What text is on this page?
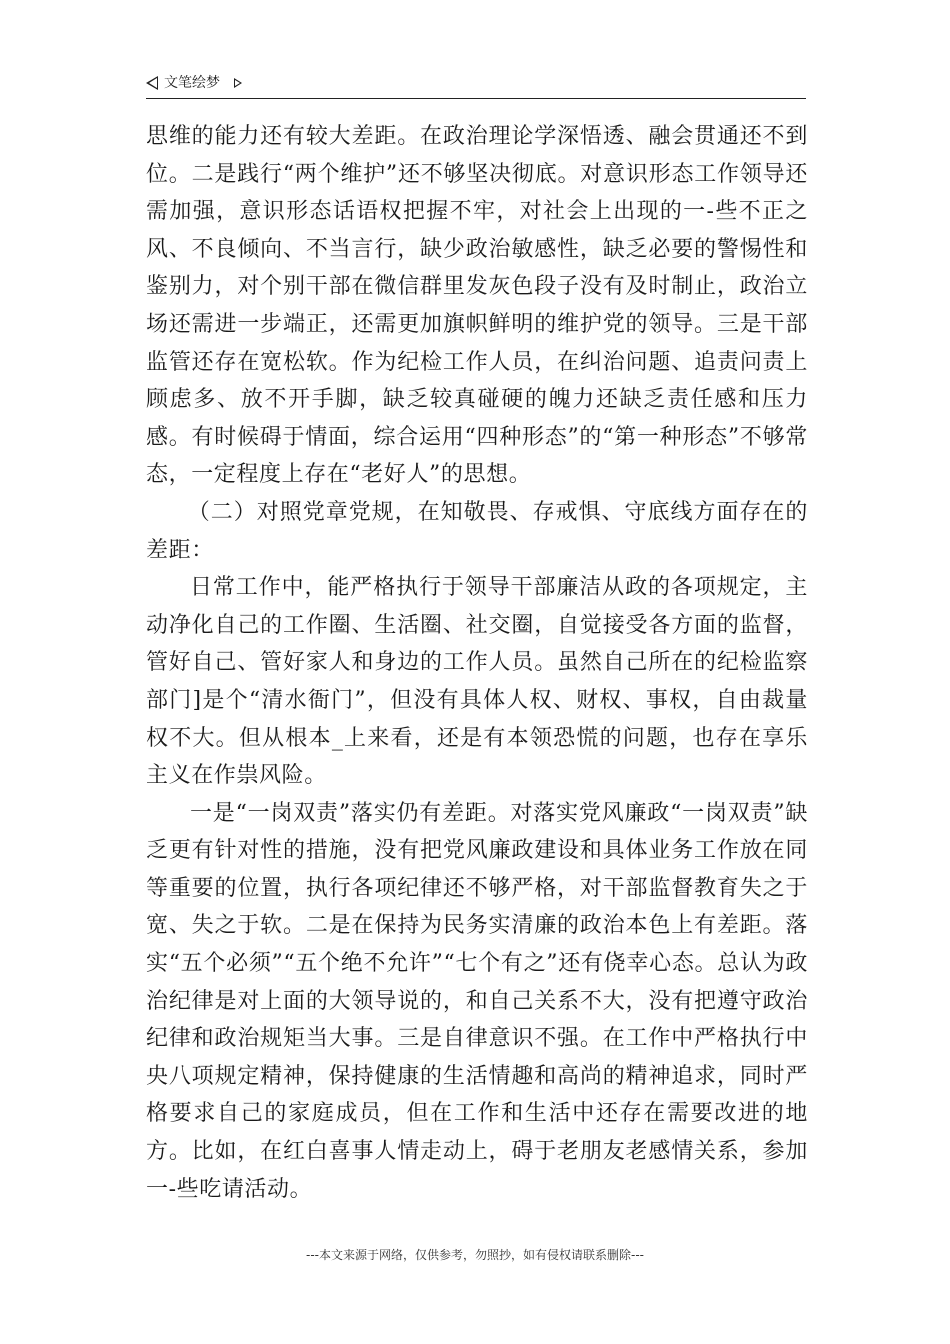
文笔绘梦

思维的能力还有较大差距。在政治理论学深悟透、融会贯通还不到位。二是践行“两个维护”还不够坚决彻底。对意识形态工作领导还需加强，意识形态话语权把握不牢，对社会上出现的一-些不正之风、不良倾向、不当言行，缺少政治敏感性，缺乏必要的警惕性和鉴别力，对个别干部在微信群里发灰色段子没有及时制止，政治立场还需进一步端正，还需更加旗帜鲜明的维护党的领导。三是干部监管还存在宽松软。作为纪检工作人员，在纠治问题、追责问责上顾虑多、放不开手脚，缺乏较真碰硬的魄力还缺乏责任感和压力感。有时候碍于情面，综合运用“四种形态”的“第一种形态”不够常态，一定程度上存在“老好人”的思想。

（二）对照党章党规，在知敬畏、存戒惧、守底线方面存在的差距：

日常工作中，能严格执行于领导干部廉洁从政的各项规定，主动净化自己的工作圈、生活圈、社交圈，自觉接受各方面的监督，管好自己、管好家人和身边的工作人员。虽然自己所在的纪检监察部门]是个“清水衙门”，但没有具体人权、财权、事权，自由裁量权不大。但从根本_上来看，还是有本领恐慌的问题，也存在享乐主义在作祟风险。

一是“一岗双责”落实仍有差距。对落实党风廉政“一岗双责”缺乏更有针对性的措施，没有把党风廉政建设和具体业务工作放在同等重要的位置，执行各项纪律还不够严格，对干部监督教育失之于宽、失之于软。二是在保持为民务实清廉的政治本色上有差距。落实“五个必须”“五个绝不允许”“七个有之”还有侥幸心态。总认为政治纪律是对上面的大领导说的，和自己关系不大，没有把遵守政治纪律和政治规矩当大事。三是自律意识不强。在工作中严格执行中央八项规定精神，保持健康的生活情趣和高尚的精神追求，同时严格要求自己的家庭成员，但在工作和生活中还存在需要改进的地方。比如，在红白喜事人情走动上，碍于老朋友老感情关系，参加一-些吃请活动。

---本文来源于网络，仅供参考，勿照抄，如有侵权请联系删除---
